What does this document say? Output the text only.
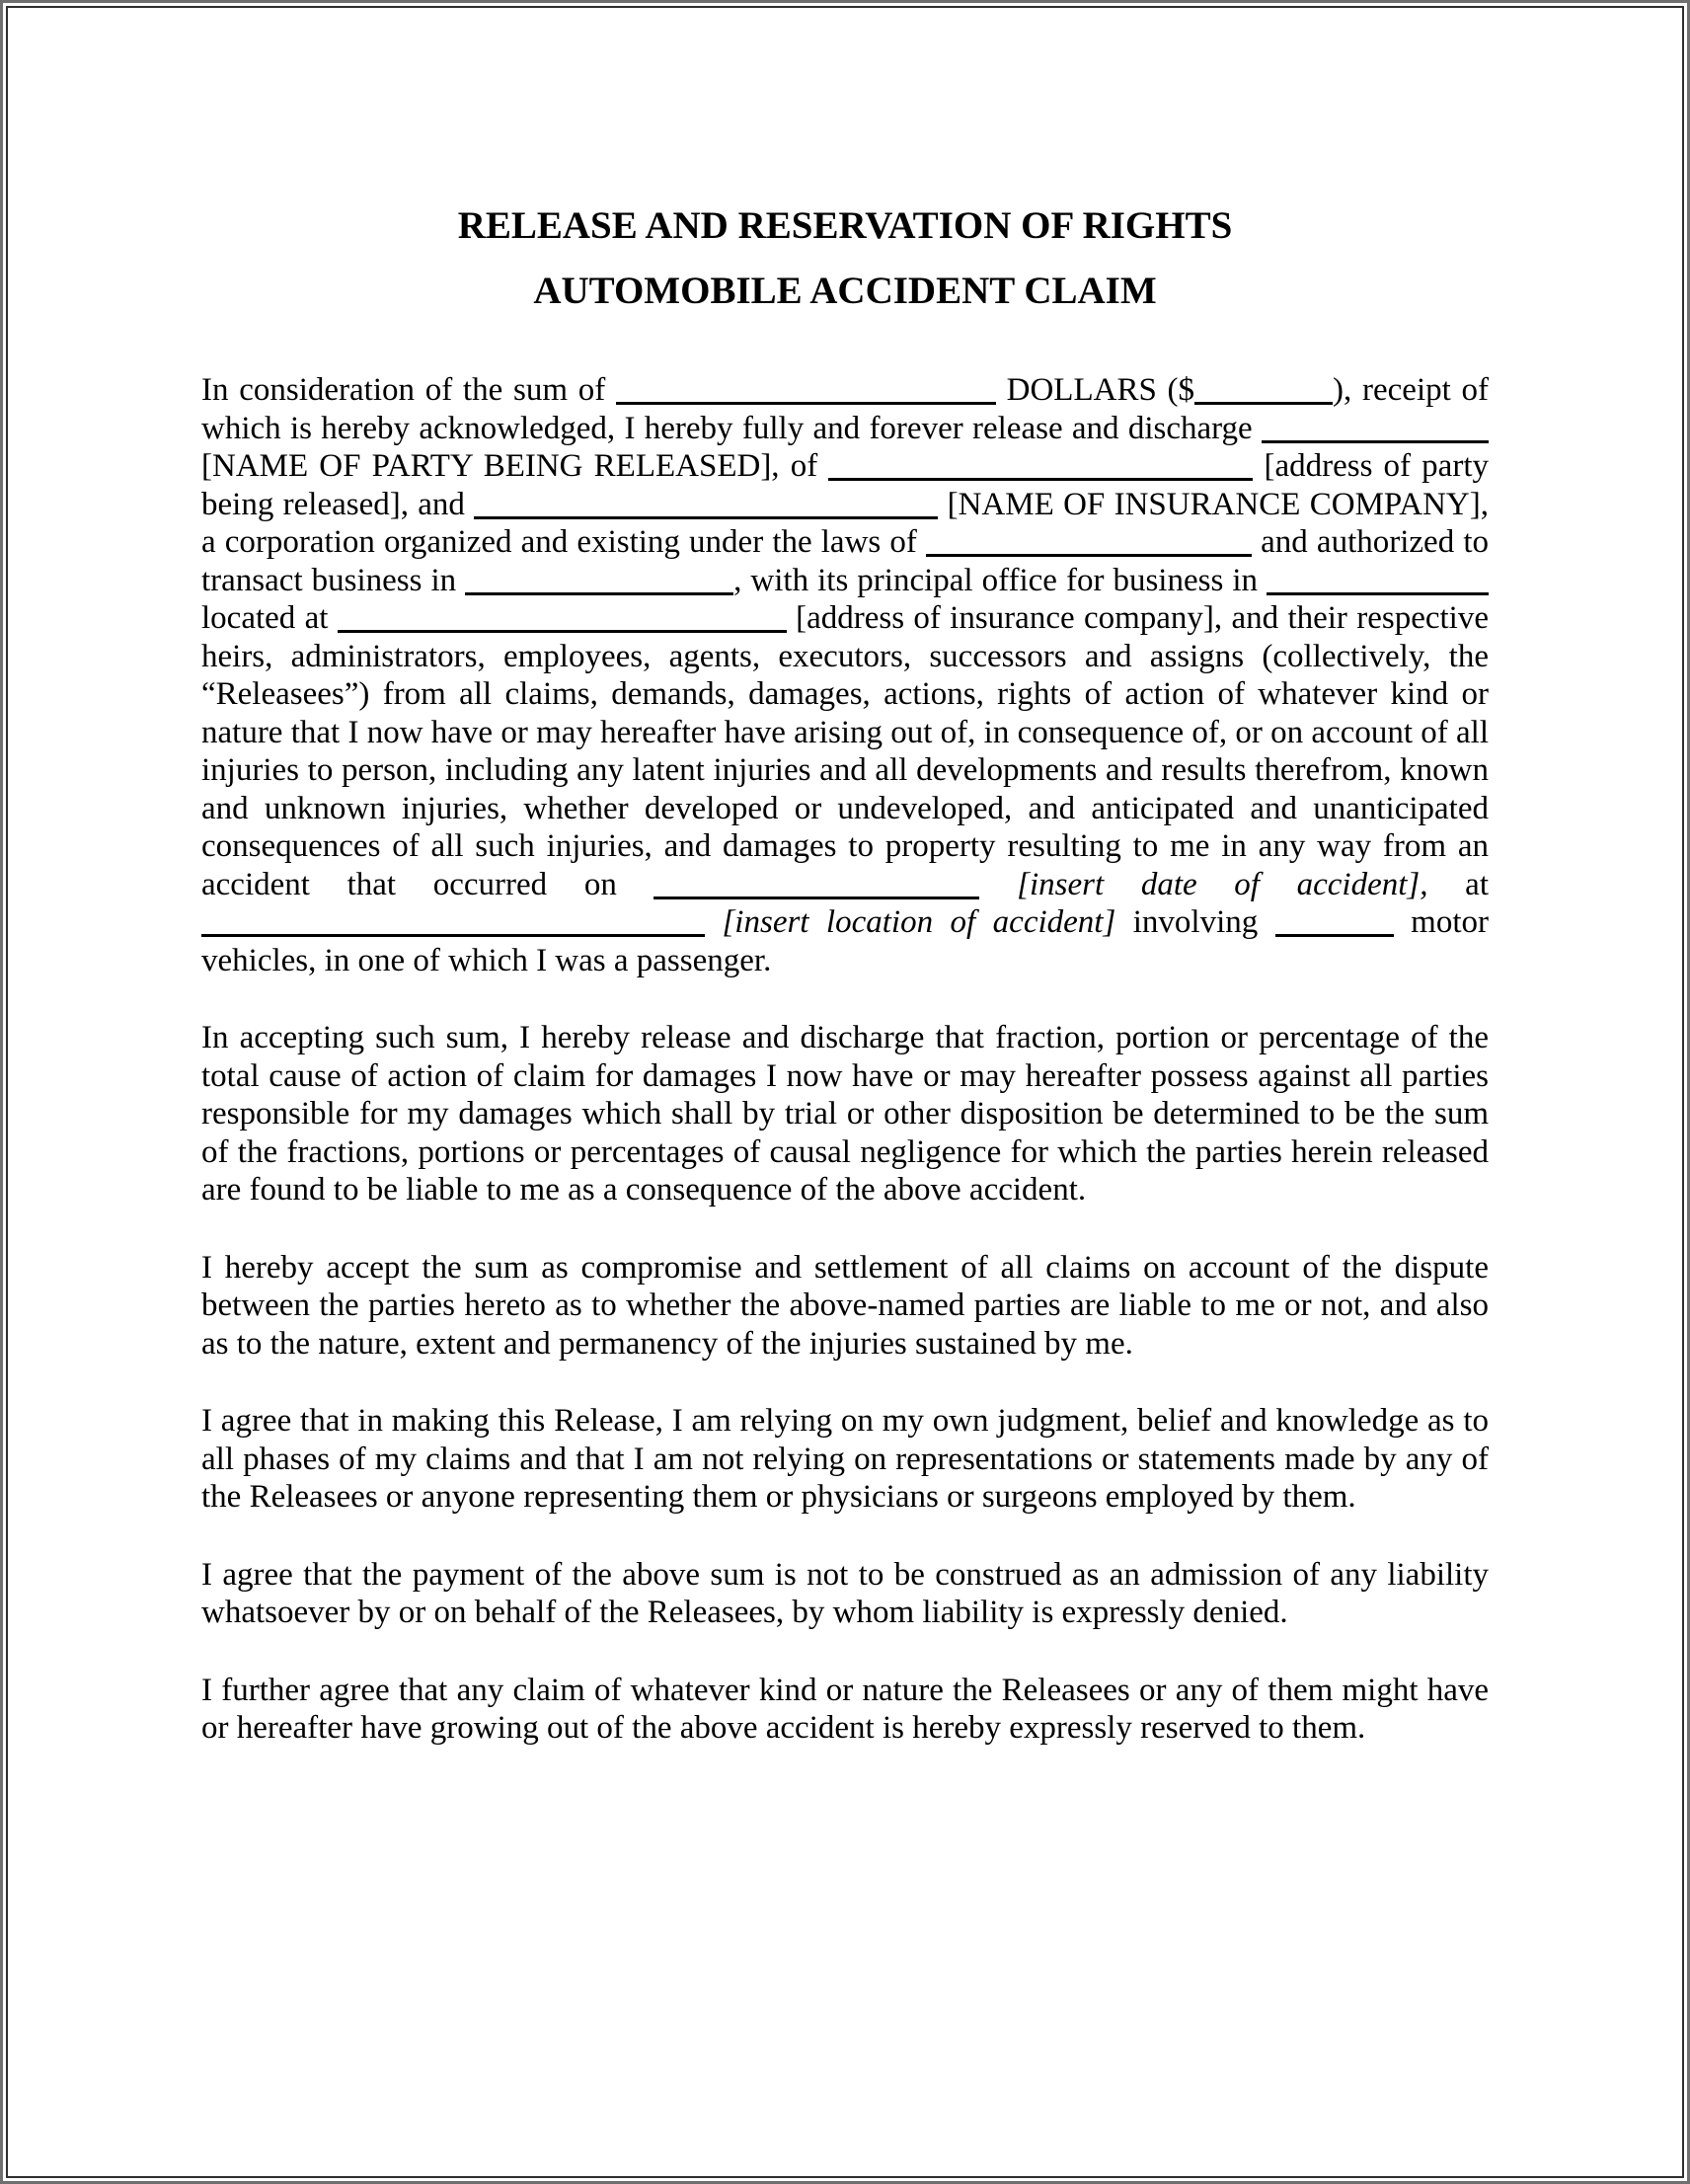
RELEASE AND RESERVATION OF RIGHTS
AUTOMOBILE ACCIDENT CLAIM

In consideration of the sum of	DOLLARS ($	), receipt of which is hereby acknowledged, I hereby fully and forever release and discharge  [NAME OF PARTY BEING RELEASED], of	[address of party being released], and	[NAME OF INSURANCE COMPANY], a corporation organized and existing under the laws of	and authorized to transact business in	, with its principal office for business in  located at	[address of insurance company], and their respective heirs, administrators, employees, agents, executors, successors and assigns (collectively, the “Releasees”) from all claims, demands, damages, actions, rights of action of whatever kind or nature that I now have or may hereafter have arising out of, in consequence of, or on account of all injuries to person, including any latent injuries and all developments and results therefrom, known and unknown injuries, whether developed or undeveloped, and anticipated and unanticipated consequences of all such injuries, and damages to property resulting to me in any way from an accident that occurred on	[insert date of accident], at  [insert location of accident] involving	motor vehicles, in one of which I was a passenger.

In accepting such sum, I hereby release and discharge that fraction, portion or percentage of the total cause of action of claim for damages I now have or may hereafter possess against all parties responsible for my damages which shall by trial or other disposition be determined to be the sum of the fractions, portions or percentages of causal negligence for which the parties herein released are found to be liable to me as a consequence of the above accident.

I hereby accept the sum as compromise and settlement of all claims on account of the dispute between the parties hereto as to whether the above-named parties are liable to me or not, and also as to the nature, extent and permanency of the injuries sustained by me.

I agree that in making this Release, I am relying on my own judgment, belief and knowledge as to all phases of my claims and that I am not relying on representations or statements made by any of the Releasees or anyone representing them or physicians or surgeons employed by them.

I agree that the payment of the above sum is not to be construed as an admission of any liability whatsoever by or on behalf of the Releasees, by whom liability is expressly denied.

I further agree that any claim of whatever kind or nature the Releasees or any of them might have or hereafter have growing out of the above accident is hereby expressly reserved to them.
